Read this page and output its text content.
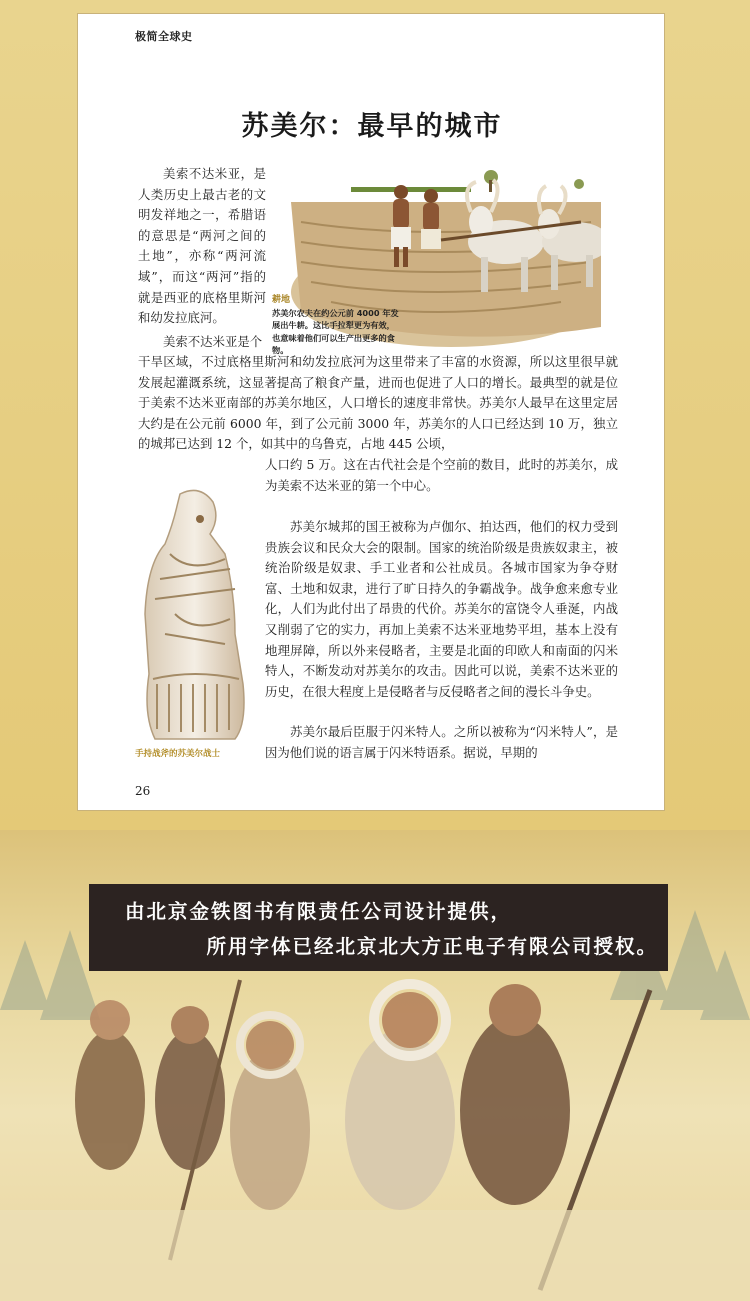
极简全球史
苏美尔：最早的城市

美索不达米亚，是人类历史上最古老的文明发祥地之一，希腊语的意思是“两河之间的土地”，亦称“两河流域”，而这“两河”指的就是西亚的底格里斯河和幼发拉底河。

耕地
苏美尔农夫在约公元前 4000 年发展出牛耕。这比手拉犁更为有效，也意味着他们可以生产出更多的食物。

美索不达米亚是个

干旱区域，不过底格里斯河和幼发拉底河为这里带来了丰富的水资源，所以这里很早就发展起灌溉系统，这显著提高了粮食产量，进而也促进了人口的增长。最典型的就是位于美索不达米亚南部的苏美尔地区，人口增长的速度非常快。苏美尔人最早在这里定居大约是在公元前 6000 年，到了公元前 3000 年，苏美尔的人口已经达到 10 万，独立的城邦已达到 12 个，如其中的乌鲁克，占地 445 公顷，

人口约 5 万。这在古代社会是个空前的数目，此时的苏美尔，成为美索不达米亚的第一个中心。

手持战斧的苏美尔战士

苏美尔城邦的国王被称为卢伽尔、拍达西，他们的权力受到贵族会议和民众大会的限制。国家的统治阶级是贵族奴隶主，被统治阶级是奴隶、手工业者和公社成员。各城市国家为争夺财富、土地和奴隶，进行了旷日持久的争霸战争。战争愈来愈专业化，人们为此付出了昂贵的代价。苏美尔的富饶令人垂涎，内战又削弱了它的实力，再加上美索不达米亚地势平坦，基本上没有地理屏障，所以外来侵略者，主要是北面的印欧人和南面的闪米特人，不断发动对苏美尔的攻击。因此可以说，美索不达米亚的历史，在很大程度上是侵略者与反侵略者之间的漫长斗争史。

苏美尔最后臣服于闪米特人。之所以被称为“闪米特人”，是因为他们说的语言属于闪米特语系。据说，早期的

26
由北京金铁图书有限责任公司设计提供，
所用字体已经北京北大方正电子有限公司授权。
